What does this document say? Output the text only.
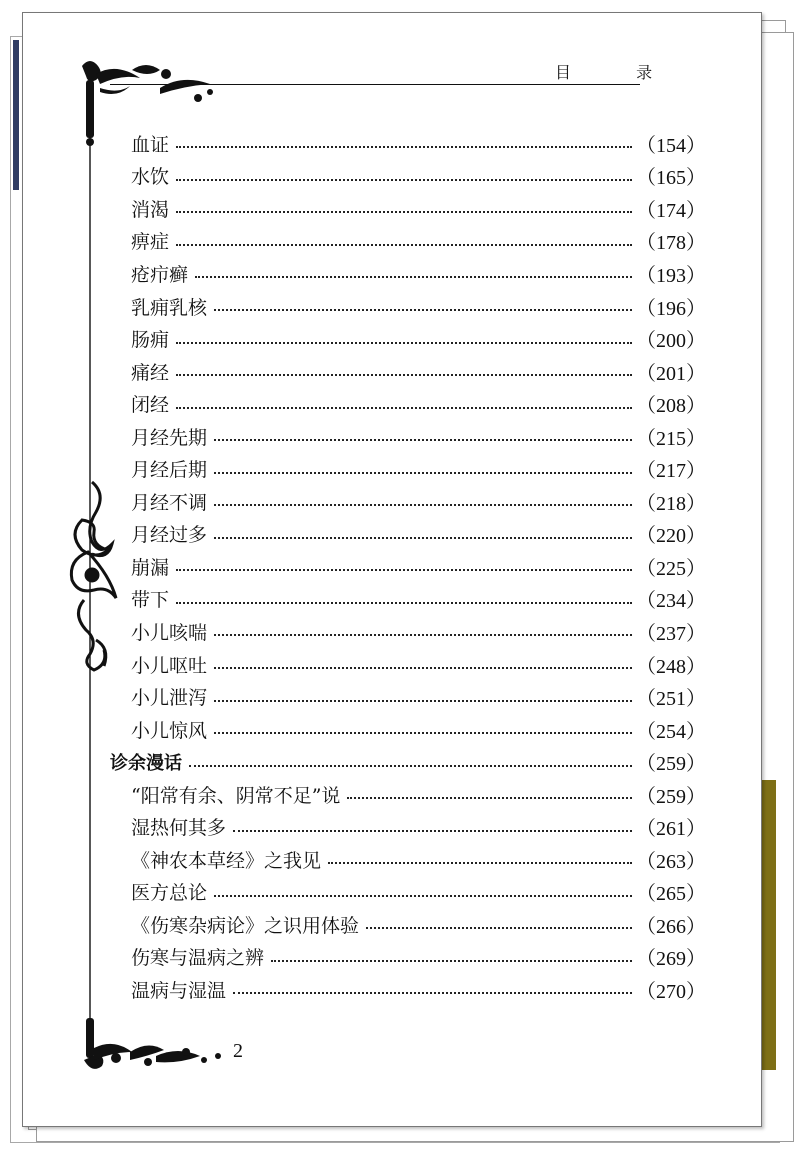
目 录
血证	（154）
水饮	（165）
消渴	（174）
痹症	（178）
疮疖癣	（193）
乳痈乳核	（196）
肠痈	（200）
痛经	（201）
闭经	（208）
月经先期	（215）
月经后期	（217）
月经不调	（218）
月经过多	（220）
崩漏	（225）
带下	（234）
小儿咳喘	（237）
小儿呕吐	（248）
小儿泄泻	（251）
小儿惊风	（254）
诊余漫话	（259）
“阳常有余、阴常不足”说	（259）
湿热何其多	（261）
《神农本草经》之我见	（263）
医方总论	（265）
《伤寒杂病论》之识用体验	（266）
伤寒与温病之辨	（269）
温病与湿温	（270）
2
